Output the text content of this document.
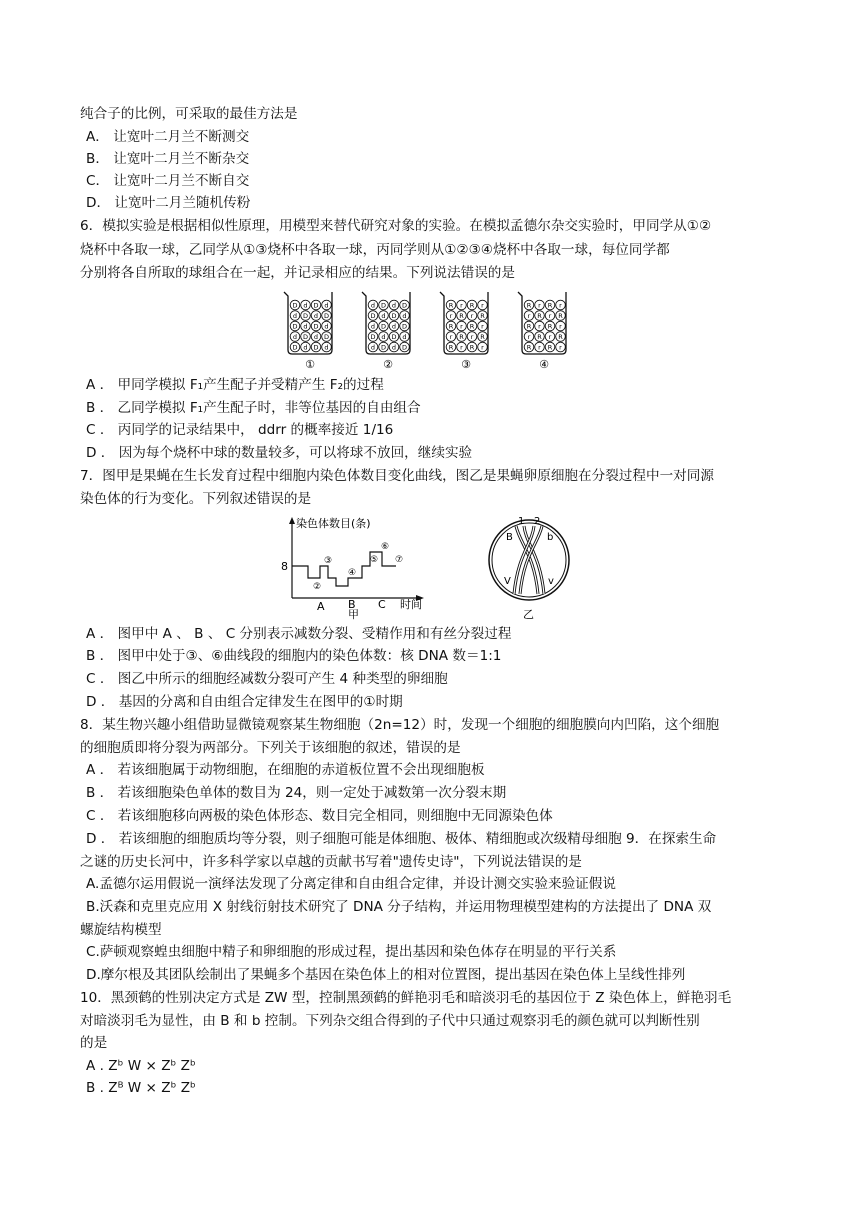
纯合子的比例，可采取的最佳方法是
A． 让宽叶二月兰不断测交
B． 让宽叶二月兰不断杂交
C． 让宽叶二月兰不断自交
D． 让宽叶二月兰随机传粉
6．模拟实验是根据相似性原理，用模型来替代研究对象的实验。在模拟孟德尔杂交实验时，甲同学从①②
烧杯中各取一球，乙同学从①③烧杯中各取一球，丙同学则从①②③④烧杯中各取一球，每位同学都
分别将各自所取的球组合在一起，并记录相应的结果。下列说法错误的是
D d D d
d D d D
D d D d
d D d D
D d D d
①
d D d D
D d D d
d D d D
D d D d
d D d D
②
R r R r
r R r R
R r R r
r R r R
R r R r
③
R r R r
r R r R
R r R r
r R r R
R r R r
④
A ． 甲同学模拟 F₁产生配子并受精产生 F₂的过程
B ． 乙同学模拟 F₁产生配子时，非等位基因的自由组合
C ． 丙同学的记录结果中， ddrr 的概率接近 1/16
D ． 因为每个烧杯中球的数量较多，可以将球不放回，继续实验
7．图甲是果蝇在生长发育过程中细胞内染色体数目变化曲线，图乙是果蝇卵原细胞在分裂过程中一对同源
染色体的行为变化。下列叙述错误的是
染色体数目(条)
8
②
③
④
⑤
⑥
⑦
A B C
甲
时间
1 2
B	b
V	v
乙
A ． 图甲中 A 、 B 、 C 分别表示减数分裂、受精作用和有丝分裂过程
B ． 图甲中处于③、⑥曲线段的细胞内的染色体数：核 DNA 数＝1:1
C ． 图乙中所示的细胞经减数分裂可产生 4 种类型的卵细胞
D ． 基因的分离和自由组合定律发生在图甲的①时期
8．某生物兴趣小组借助显微镜观察某生物细胞（2n=12）时，发现一个细胞的细胞膜向内凹陷，这个细胞
的细胞质即将分裂为两部分。下列关于该细胞的叙述，错误的是
A ． 若该细胞属于动物细胞，在细胞的赤道板位置不会出现细胞板
B ． 若该细胞染色单体的数目为 24，则一定处于减数第一次分裂末期
C ． 若该细胞移向两极的染色体形态、数目完全相同，则细胞中无同源染色体
D ． 若该细胞的细胞质均等分裂，则子细胞可能是体细胞、极体、精细胞或次级精母细胞 9．在探索生命
之谜的历史长河中，许多科学家以卓越的贡献书写着"遗传史诗"，下列说法错误的是
A.孟德尔运用假说一演绎法发现了分离定律和自由组合定律，并设计测交实验来验证假说
B.沃森和克里克应用 X 射线衍射技术研究了 DNA 分子结构，并运用物理模型建构的方法提出了 DNA 双
螺旋结构模型
C.萨顿观察蝗虫细胞中精子和卵细胞的形成过程，提出基因和染色体存在明显的平行关系
D.摩尔根及其团队绘制出了果蝇多个基因在染色体上的相对位置图，提出基因在染色体上呈线性排列
10．黑颈鹤的性别决定方式是 ZW 型，控制黑颈鹤的鲜艳羽毛和暗淡羽毛的基因位于 Z 染色体上，鲜艳羽毛
对暗淡羽毛为显性，由 B 和 b 控制。下列杂交组合得到的子代中只通过观察羽毛的颜色就可以判断性别
的是
A . Zᵇ W × Zᵇ Zᵇ
B . Zᴮ W × Zᵇ Zᵇ
